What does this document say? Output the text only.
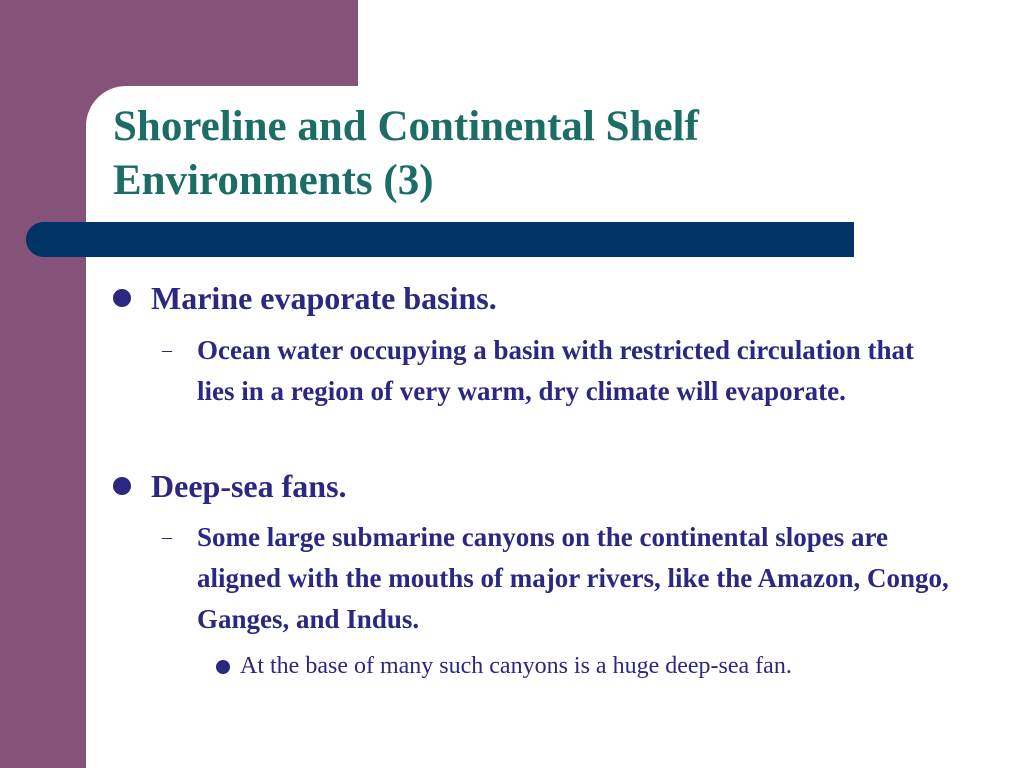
Shoreline and Continental Shelf
Environments (3)
Marine evaporate basins.
– Ocean water occupying a basin with restricted circulation that lies in a region of very warm, dry climate will evaporate.
Deep-sea fans.
– Some large submarine canyons on the continental slopes are aligned with the mouths of major rivers, like the Amazon, Congo, Ganges, and Indus.
At the base of many such canyons is a huge deep-sea fan.
